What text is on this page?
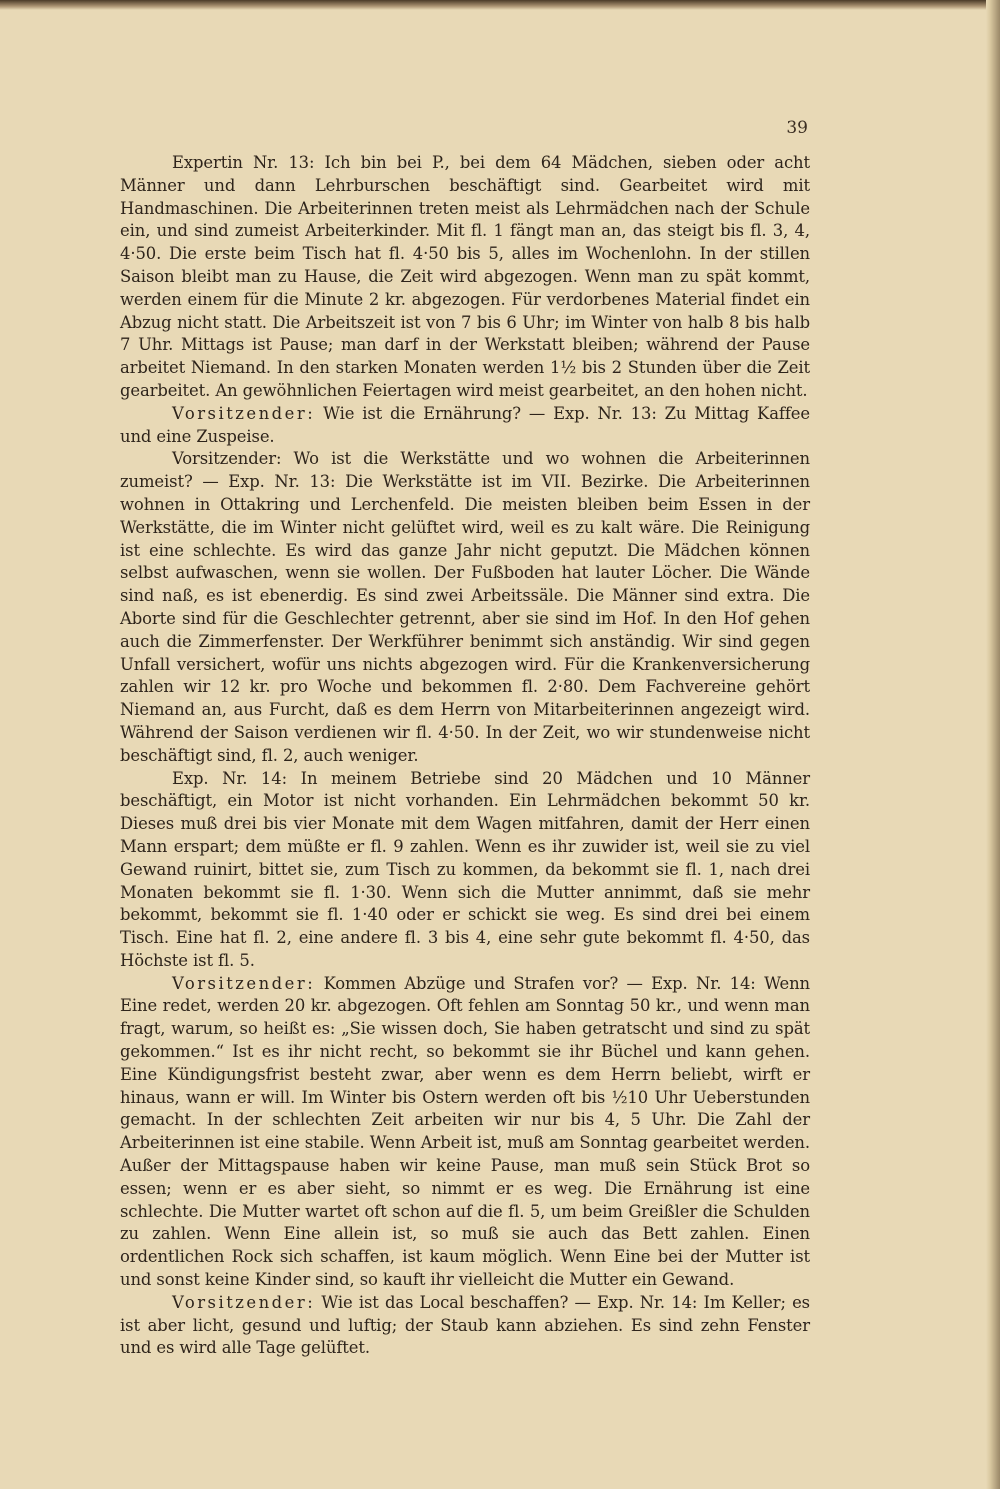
39

Expertin Nr. 13: Ich bin bei P., bei dem 64 Mädchen, sieben oder acht Männer und dann Lehrburschen beschäftigt sind. Gearbeitet wird mit Handmaschinen. Die Arbeiterinnen treten meist als Lehrmädchen nach der Schule ein, und sind zumeist Arbeiterkinder. Mit fl. 1 fängt man an, das steigt bis fl. 3, 4, 4·50. Die erste beim Tisch hat fl. 4·50 bis 5, alles im Wochenlohn. In der stillen Saison bleibt man zu Hause, die Zeit wird abgezogen. Wenn man zu spät kommt, werden einem für die Minute 2 kr. abgezogen. Für verdorbenes Material findet ein Abzug nicht statt. Die Arbeitszeit ist von 7 bis 6 Uhr; im Winter von halb 8 bis halb 7 Uhr. Mittags ist Pause; man darf in der Werkstatt bleiben; während der Pause arbeitet Niemand. In den starken Monaten werden 1½ bis 2 Stunden über die Zeit gearbeitet. An gewöhnlichen Feiertagen wird meist gearbeitet, an den hohen nicht.

Vorsitzender: Wie ist die Ernährung? — Exp. Nr. 13: Zu Mittag Kaffee und eine Zuspeise.

Vorsitzender: Wo ist die Werkstätte und wo wohnen die Arbeiterinnen zumeist? — Exp. Nr. 13: Die Werkstätte ist im VII. Bezirke. Die Arbeiterinnen wohnen in Ottakring und Lerchenfeld. Die meisten bleiben beim Essen in der Werkstätte, die im Winter nicht gelüftet wird, weil es zu kalt wäre. Die Reinigung ist eine schlechte. Es wird das ganze Jahr nicht geputzt. Die Mädchen können selbst aufwaschen, wenn sie wollen. Der Fußboden hat lauter Löcher. Die Wände sind naß, es ist ebenerdig. Es sind zwei Arbeitssäle. Die Männer sind extra. Die Aborte sind für die Geschlechter getrennt, aber sie sind im Hof. In den Hof gehen auch die Zimmerfenster. Der Werkführer benimmt sich anständig. Wir sind gegen Unfall versichert, wofür uns nichts abgezogen wird. Für die Krankenversicherung zahlen wir 12 kr. pro Woche und bekommen fl. 2·80. Dem Fachvereine gehört Niemand an, aus Furcht, daß es dem Herrn von Mitarbeiterinnen angezeigt wird. Während der Saison verdienen wir fl. 4·50. In der Zeit, wo wir stundenweise nicht beschäftigt sind, fl. 2, auch weniger.

Exp. Nr. 14: In meinem Betriebe sind 20 Mädchen und 10 Männer beschäftigt, ein Motor ist nicht vorhanden. Ein Lehrmädchen bekommt 50 kr. Dieses muß drei bis vier Monate mit dem Wagen mitfahren, damit der Herr einen Mann erspart; dem müßte er fl. 9 zahlen. Wenn es ihr zuwider ist, weil sie zu viel Gewand ruinirt, bittet sie, zum Tisch zu kommen, da bekommt sie fl. 1, nach drei Monaten bekommt sie fl. 1·30. Wenn sich die Mutter annimmt, daß sie mehr bekommt, bekommt sie fl. 1·40 oder er schickt sie weg. Es sind drei bei einem Tisch. Eine hat fl. 2, eine andere fl. 3 bis 4, eine sehr gute bekommt fl. 4·50, das Höchste ist fl. 5.

Vorsitzender: Kommen Abzüge und Strafen vor? — Exp. Nr. 14: Wenn Eine redet, werden 20 kr. abgezogen. Oft fehlen am Sonntag 50 kr., und wenn man fragt, warum, so heißt es: „Sie wissen doch, Sie haben getratscht und sind zu spät gekommen.“ Ist es ihr nicht recht, so bekommt sie ihr Büchel und kann gehen. Eine Kündigungsfrist besteht zwar, aber wenn es dem Herrn beliebt, wirft er hinaus, wann er will. Im Winter bis Ostern werden oft bis ½10 Uhr Ueberstunden gemacht. In der schlechten Zeit arbeiten wir nur bis 4, 5 Uhr. Die Zahl der Arbeiterinnen ist eine stabile. Wenn Arbeit ist, muß am Sonntag gearbeitet werden. Außer der Mittagspause haben wir keine Pause, man muß sein Stück Brot so essen; wenn er es aber sieht, so nimmt er es weg. Die Ernährung ist eine schlechte. Die Mutter wartet oft schon auf die fl. 5, um beim Greißler die Schulden zu zahlen. Wenn Eine allein ist, so muß sie auch das Bett zahlen. Einen ordentlichen Rock sich schaffen, ist kaum möglich. Wenn Eine bei der Mutter ist und sonst keine Kinder sind, so kauft ihr vielleicht die Mutter ein Gewand.

Vorsitzender: Wie ist das Local beschaffen? — Exp. Nr. 14: Im Keller; es ist aber licht, gesund und luftig; der Staub kann abziehen. Es sind zehn Fenster und es wird alle Tage gelüftet.
